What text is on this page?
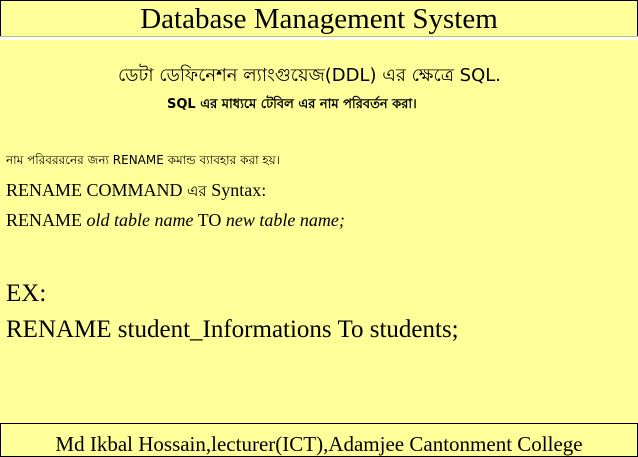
Database Management System
ডেটা ডেফিনেশন ল্যাংগুয়েজ(DDL) এর ক্ষেত্রে SQL.
SQL এর মাধ্যমে টেবিল এর নাম পরিবর্তন করা।
নাম পরিবররনের জন্য RENAME কমান্ড ব্যাবহার করা হয়।
RENAME COMMAND এর Syntax:
RENAME old table name TO new table name;
EX:
RENAME student_Informations To students;
Md Ikbal Hossain,lecturer(ICT),Adamjee Cantonment College
